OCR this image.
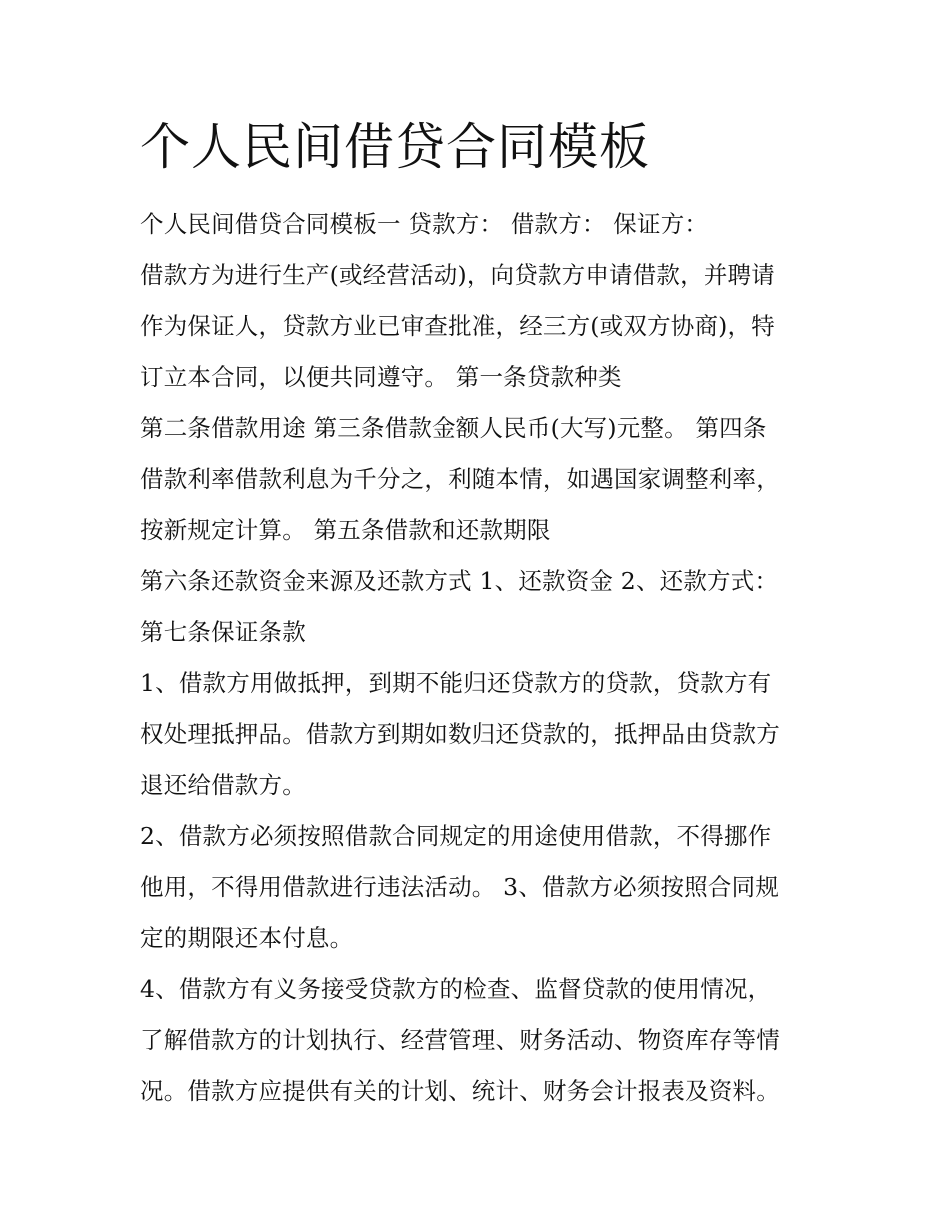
个人民间借贷合同模板
个人民间借贷合同模板一 贷款方： 借款方： 保证方：
借款方为进行生产(或经营活动)，向贷款方申请借款，并聘请
作为保证人，贷款方业已审查批准，经三方(或双方协商)，特
订立本合同，以便共同遵守。 第一条贷款种类
第二条借款用途 第三条借款金额人民币(大写)元整。 第四条
借款利率借款利息为千分之，利随本情，如遇国家调整利率，
按新规定计算。 第五条借款和还款期限
第六条还款资金来源及还款方式 1、还款资金 2、还款方式：
第七条保证条款
1、借款方用做抵押，到期不能归还贷款方的贷款，贷款方有
权处理抵押品。借款方到期如数归还贷款的，抵押品由贷款方
退还给借款方。
2、借款方必须按照借款合同规定的用途使用借款，不得挪作
他用，不得用借款进行违法活动。 3、借款方必须按照合同规
定的期限还本付息。
4、借款方有义务接受贷款方的检查、监督贷款的使用情况，
了解借款方的计划执行、经营管理、财务活动、物资库存等情
况。借款方应提供有关的计划、统计、财务会计报表及资料。
